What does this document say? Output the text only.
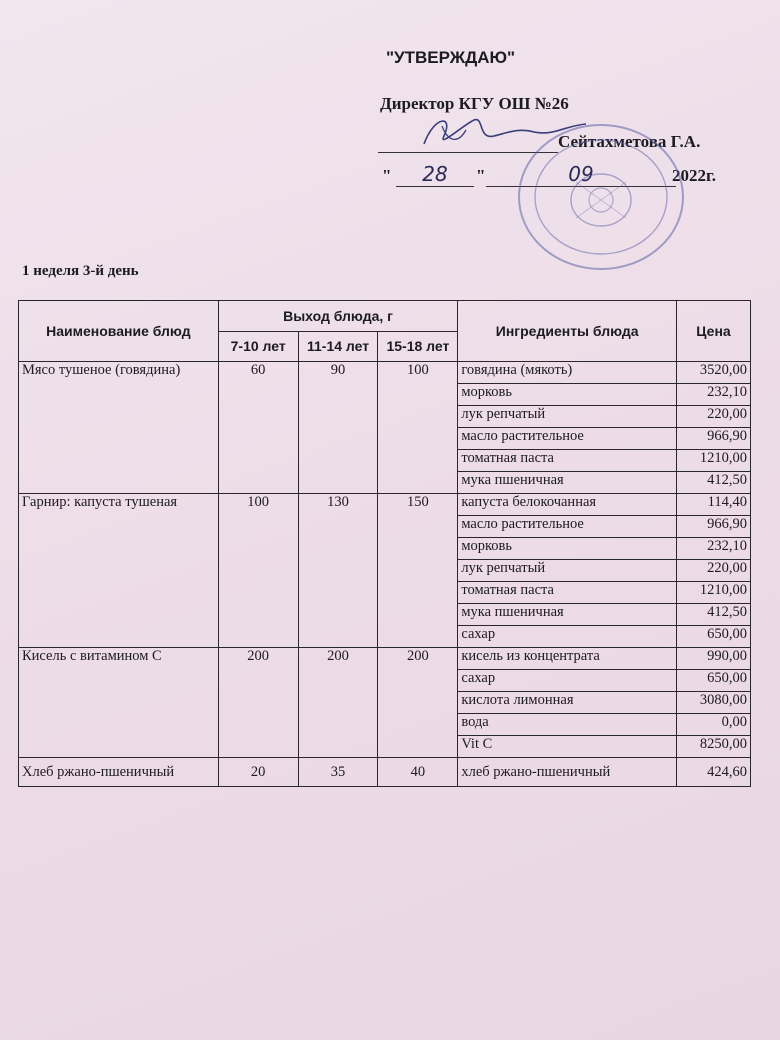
"УТВЕРЖДАЮ"
Директор КГУ ОШ №26
Сейтахметова Г.А.
"	28	"	09	2022г.
1 неделя 3-й день
Наименование блюд	Выход блюда, г			Ингредиенты блюда	Цена
	7-10 лет	11-14 лет	15-18 лет		
Мясо тушеное (говядина)	60	90	100	говядина (мякоть)	3520,00
				морковь	232,10
				лук репчатый	220,00
				масло растительное	966,90
				томатная паста	1210,00
				мука пшеничная	412,50
Гарнир: капуста тушеная	100	130	150	капуста белокочанная	114,40
				масло растительное	966,90
				морковь	232,10
				лук репчатый	220,00
				томатная паста	1210,00
				мука пшеничная	412,50
				сахар	650,00
Кисель с витамином С	200	200	200	кисель из концентрата	990,00
				сахар	650,00
				кислота лимонная	3080,00
				вода	0,00
				Vit C	8250,00
Хлеб ржано-пшеничный	20	35	40	хлеб ржано-пшеничный	424,60
